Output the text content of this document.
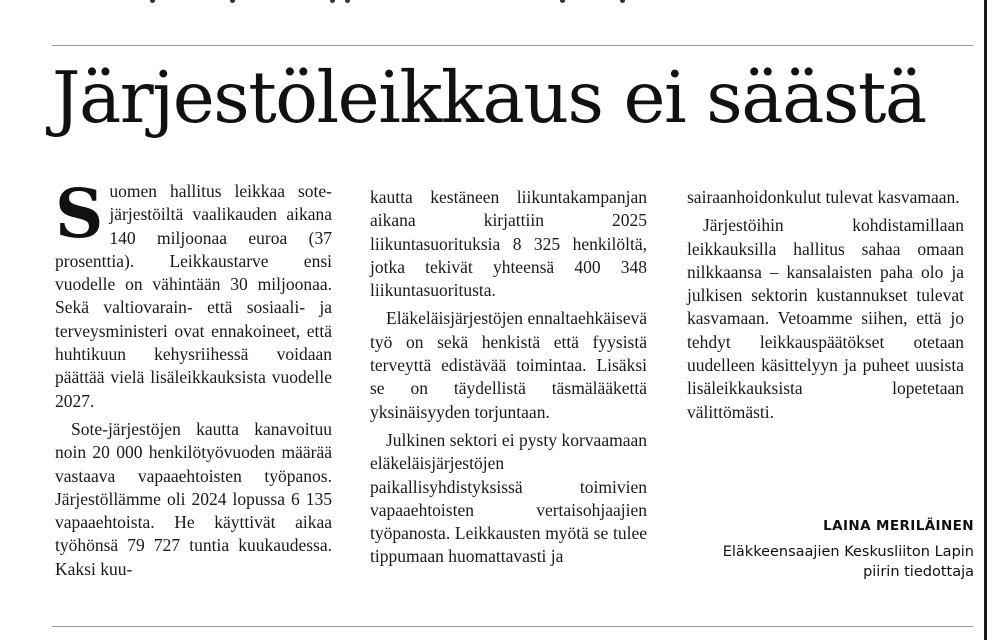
Järjestöleikkaus ei säästä

Suomen hallitus leikkaa sote-järjestöiltä vaalikauden aikana 140 miljoonaa euroa (37 prosenttia). Leikkaustarve ensi vuodelle on vähintään 30 miljoonaa. Sekä valtiovarain- että sosiaali- ja terveysministeri ovat ennakoineet, että huhtikuun kehysriihessä voidaan päättää vielä lisäleikkauksista vuodelle 2027.

Sote-järjestöjen kautta kanavoituu noin 20 000 henkilötyövuoden määrää vastaava vapaaehtoisten työpanos. Järjestöllämme oli 2024 lopussa 6 135 vapaaehtoista. He käyttivät aikaa työhönsä 79 727 tuntia kuukaudessa. Kaksi kuu-

kautta kestäneen liikuntakampanjan aikana kirjattiin 2025 liikuntasuorituksia 8 325 henkilöltä, jotka tekivät yhteensä 400 348 liikuntasuoritusta.

Eläkeläisjärjestöjen ennaltaehkäisevä työ on sekä henkistä että fyysistä terveyttä edistävää toimintaa. Lisäksi se on täydellistä täsmälääkettä yksinäisyyden torjuntaan.

Julkinen sektori ei pysty korvaamaan eläkeläisjärjestöjen paikallisyhdistyksissä toimivien vapaaehtoisten vertaisohjaajien työpanosta. Leikkausten myötä se tulee tippumaan huomattavasti ja

sairaanhoidonkulut tulevat kasvamaan.

Järjestöihin kohdistamillaan leikkauksilla hallitus sahaa omaan nilkkaansa – kansalaisten paha olo ja julkisen sektorin kustannukset tulevat kasvamaan. Vetoamme siihen, että jo tehdyt leikkauspäätökset otetaan uudelleen käsittelyyn ja puheet uusista lisäleikkauksista lopetetaan välittömästi.

LAINA MERILÄINEN
Eläkkeensaajien Keskusliiton Lapin
piirin tiedottaja
